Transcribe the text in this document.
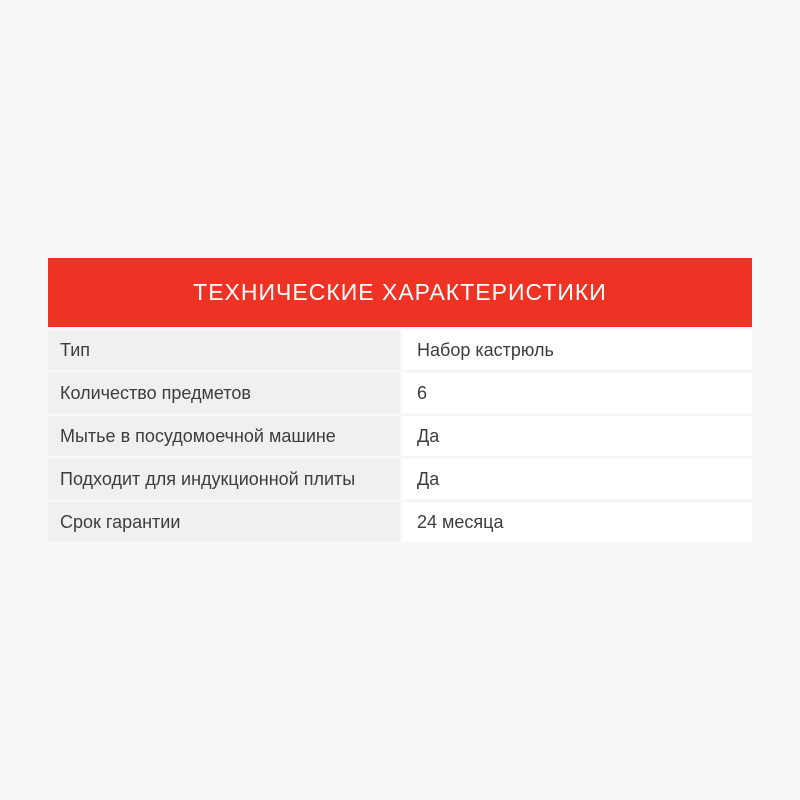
ТЕХНИЧЕСКИЕ ХАРАКТЕРИСТИКИ
Тип	Набор кастрюль
Количество предметов	6
Мытье в посудомоечной машине	Да
Подходит для индукционной плиты	Да
Срок гарантии	24 месяца
